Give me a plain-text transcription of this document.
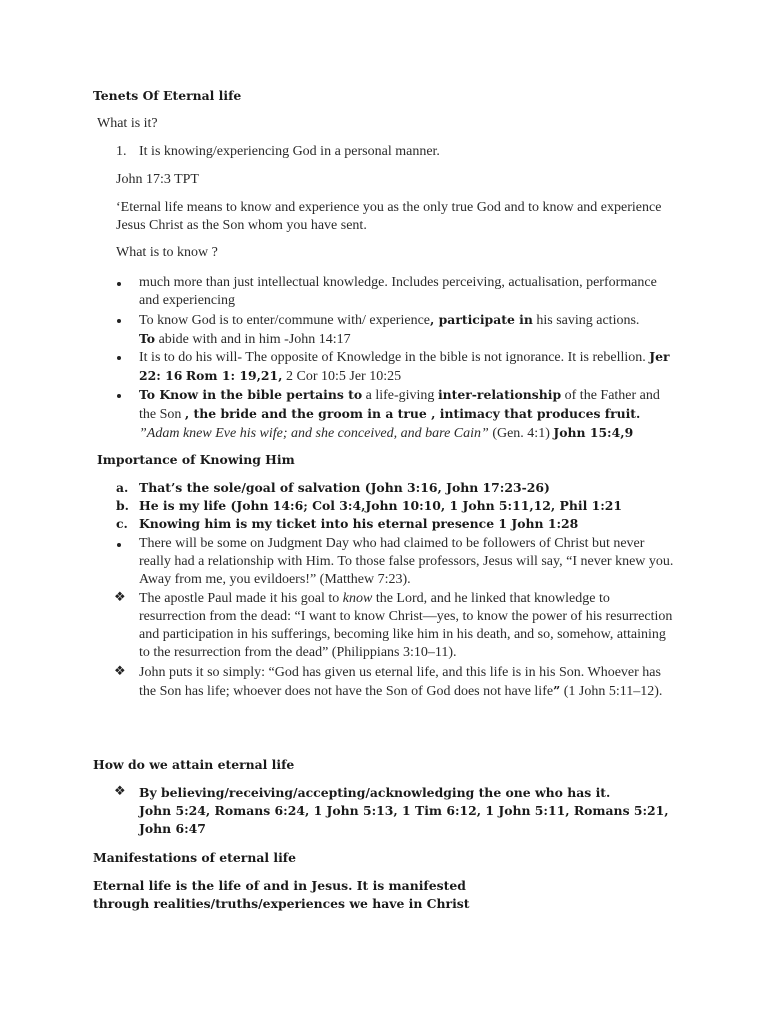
Tenets Of Eternal life
What is it?
1. It is knowing/experiencing God in a personal manner.
John 17:3 TPT
‘Eternal life means to know and experience you as the only true God and to know and experience Jesus Christ as the Son whom you have sent.
What is to know ?
much more than just intellectual knowledge. Includes perceiving, actualisation, performance and experiencing
To know God is to enter/commune with/ experience, participate in his saving actions.
To abide with and in him -John 14:17
It is to do his will- The opposite of Knowledge in the bible is not ignorance. It is rebellion. Jer 22: 16 Rom 1: 19,21, 2 Cor 10:5 Jer 10:25
To Know in the bible pertains to a life-giving inter-relationship of the Father and the Son , the bride and the groom in a true , intimacy that produces fruit. ”Adam knew Eve his wife; and she conceived, and bare Cain” (Gen. 4:1) John 15:4,9
Importance of Knowing Him
a. That’s the sole/goal of salvation (John 3:16, John 17:23-26)
b. He is my life (John 14:6; Col 3:4,John 10:10, 1 John 5:11,12, Phil 1:21
c. Knowing him is my ticket into his eternal presence 1 John 1:28
There will be some on Judgment Day who had claimed to be followers of Christ but never really had a relationship with Him. To those false professors, Jesus will say, “I never knew you. Away from me, you evildoers!” (Matthew 7:23).
❖ The apostle Paul made it his goal to know the Lord, and he linked that knowledge to resurrection from the dead: “I want to know Christ—yes, to know the power of his resurrection and participation in his sufferings, becoming like him in his death, and so, somehow, attaining to the resurrection from the dead” (Philippians 3:10–11).
❖ John puts it so simply: “God has given us eternal life, and this life is in his Son. Whoever has the Son has life; whoever does not have the Son of God does not have life” (1 John 5:11–12).
How do we attain eternal life
❖ By believing/receiving/accepting/acknowledging the one who has it.
John 5:24, Romans 6:24, 1 John 5:13, 1 Tim 6:12, 1 John 5:11, Romans 5:21, John 6:47
Manifestations of eternal life
Eternal life is the life of and in Jesus. It is manifested through realities/truths/experiences we have in Christ
